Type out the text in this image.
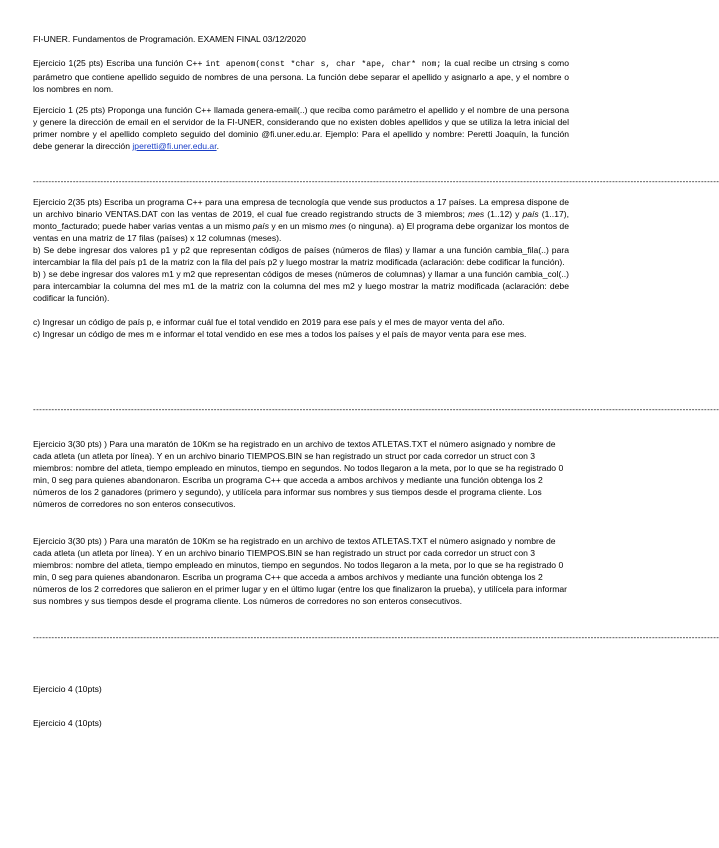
FI-UNER. Fundamentos de Programación. EXAMEN FINAL 03/12/2020

Ejercicio 1(25 pts) Escriba una función C++ int apenom(const *char s, char *ape, char* nom; la cual recibe un ctrsing s como parámetro que contiene apellido seguido de nombres de una persona. La función debe separar el apellido y asignarlo a ape, y el nombre o los nombres en nom.

Ejercicio 1 (25 pts) Proponga una función C++ llamada genera-email(..) que reciba como parámetro el apellido y el nombre de una persona y genere la dirección de email en el servidor de la FI-UNER, considerando que no existen dobles apellidos y que se utiliza la letra inicial del primer nombre y el apellido completo seguido del dominio @fi.uner.edu.ar. Ejemplo: Para el apellido y nombre: Peretti Joaquín, la función debe generar la dirección jperetti@fi.uner.edu.ar.

--------------------------------------------------------------------------------------------------------------------------------------------------------------------------------------------------------------------------------
Ejercicio 2(35 pts) Escriba un programa C++ para una empresa de tecnología que vende sus productos a 17 países. La empresa dispone de un archivo binario VENTAS.DAT con las ventas de 2019, el cual fue creado registrando structs de 3 miembros; mes (1..12) y país (1..17), monto_facturado; puede haber varias ventas a un mismo país y en un mismo mes (o ninguna). a) El programa debe organizar los montos de ventas en una matriz de 17 filas (países) x 12 columnas (meses).
b) Se debe ingresar dos valores p1 y p2 que representan códigos de países (números de filas) y llamar a una función cambia_fila(..) para intercambiar la fila del país p1 de la matriz con la fila del país p2 y luego mostrar la matriz modificada (aclaración: debe codificar la función).
b) ) se debe ingresar dos valores m1 y m2 que representan códigos de meses (números de columnas) y llamar a una función cambia_col(..) para intercambiar la columna del mes m1 de la matriz con la columna del mes m2 y luego mostrar la matriz modificada (aclaración: debe codificar la función).
c) Ingresar un código de país p, e informar cuál fue el total vendido en 2019 para ese país y el mes de mayor venta del año.
c) Ingresar un código de mes m e informar el total vendido en ese mes a todos los países y el país de mayor venta para ese mes.
--------------------------------------------------------------------------------------------------------------------------------------------------------------------------------------------------------------------------------

Ejercicio 3(30 pts) ) Para una maratón de 10Km se ha registrado en un archivo de textos ATLETAS.TXT el número asignado y nombre de cada atleta (un atleta por línea). Y en un archivo binario TIEMPOS.BIN se han registrado un struct por cada corredor un struct con 3 miembros: nombre del atleta, tiempo empleado en minutos, tiempo en segundos. No todos llegaron a la meta, por lo que se ha registrado 0 min, 0 seg para quienes abandonaron. Escriba un programa C++ que acceda a ambos archivos y mediante una función obtenga los 2 números de los 2 ganadores (primero y segundo), y utilícela para informar sus nombres y sus tiempos desde el programa cliente. Los números de corredores no son enteros consecutivos.

Ejercicio 3(30 pts) ) Para una maratón de 10Km se ha registrado en un archivo de textos ATLETAS.TXT el número asignado y nombre de cada atleta (un atleta por línea). Y en un archivo binario TIEMPOS.BIN se han registrado un struct por cada corredor un struct con 3 miembros: nombre del atleta, tiempo empleado en minutos, tiempo en segundos. No todos llegaron a la meta, por lo que se ha registrado 0 min, 0 seg para quienes abandonaron. Escriba un programa C++ que acceda a ambos archivos y mediante una función obtenga los 2 números de los 2 corredores que salieron en el primer lugar y en el último lugar (entre los que finalizaron la prueba), y utilícela para informar sus nombres y sus tiempos desde el programa cliente. Los números de corredores no son enteros consecutivos.

--------------------------------------------------------------------------------------------------------------------------------------------------------------------------------------------------------------------------------

Ejercicio 4 (10pts)

Ejercicio 4 (10pts)
